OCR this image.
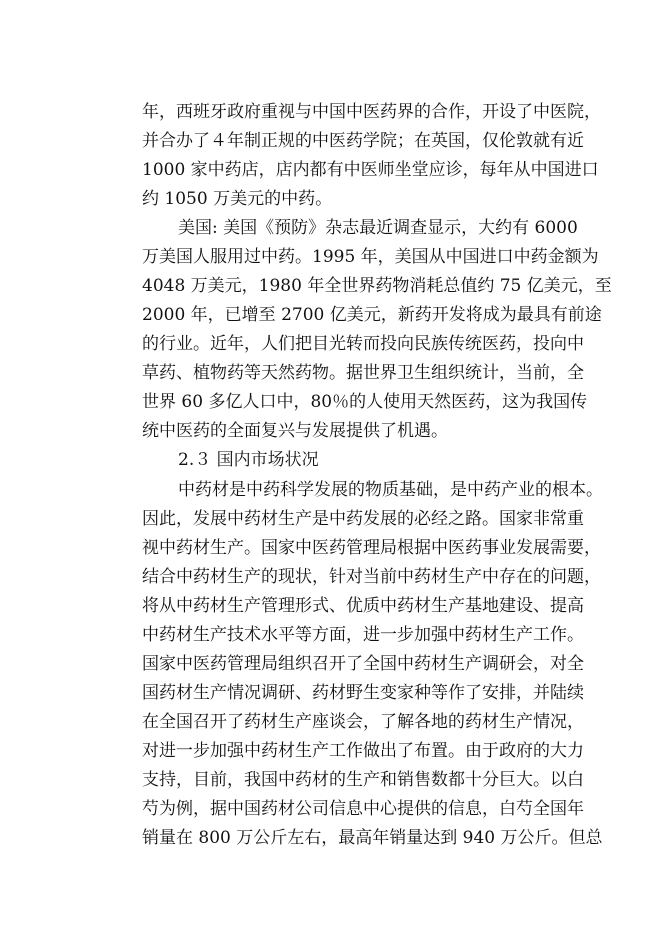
年，西班牙政府重视与中国中医药界的合作，开设了中医院，
并合办了４年制正规的中医药学院；在英国，仅伦敦就有近
1000 家中药店，店内都有中医师坐堂应诊，每年从中国进口
约 1050 万美元的中药。
美国: 美国《预防》杂志最近调查显示，大约有 6000
万美国人服用过中药。1995 年，美国从中国进口中药金额为
4048 万美元，1980 年全世界药物消耗总值约 75 亿美元，至
2000 年，已增至 2700 亿美元，新药开发将成为最具有前途
的行业。近年，人们把目光转而投向民族传统医药，投向中
草药、植物药等天然药物。据世界卫生组织统计，当前，全
世界 60 多亿人口中，80％的人使用天然医药，这为我国传
统中医药的全面复兴与发展提供了机遇。
2.３ 国内市场状况
中药材是中药科学发展的物质基础，是中药产业的根本。
因此，发展中药材生产是中药发展的必经之路。国家非常重
视中药材生产。国家中医药管理局根据中医药事业发展需要，
结合中药材生产的现状，针对当前中药材生产中存在的问题，
将从中药材生产管理形式、优质中药材生产基地建设、提高
中药材生产技术水平等方面，进一步加强中药材生产工作。
国家中医药管理局组织召开了全国中药材生产调研会，对全
国药材生产情况调研、药材野生变家种等作了安排，并陆续
在全国召开了药材生产座谈会，了解各地的药材生产情况，
对进一步加强中药材生产工作做出了布置。由于政府的大力
支持，目前，我国中药材的生产和销售数都十分巨大。以白
芍为例，据中国药材公司信息中心提供的信息，白芍全国年
销量在 800 万公斤左右，最高年销量达到 940 万公斤。但总
